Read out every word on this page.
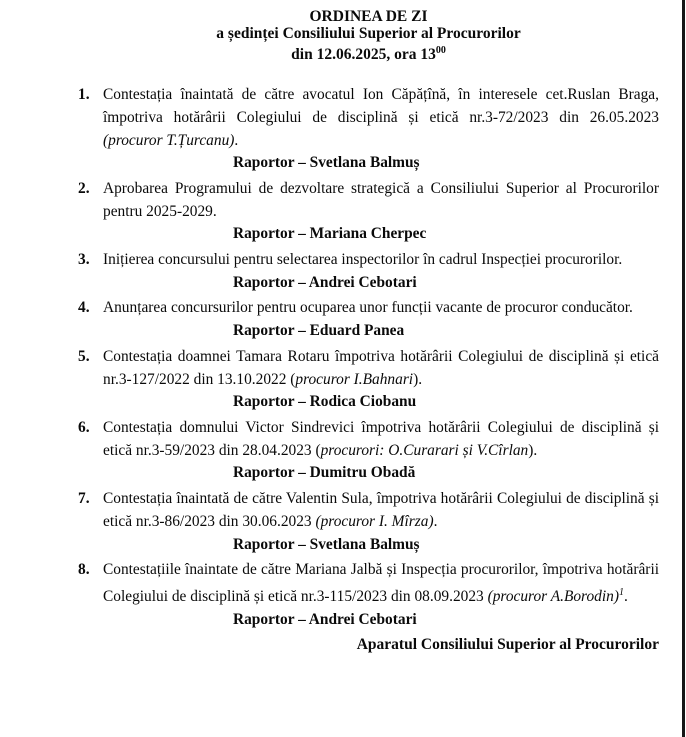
ORDINEA DE ZI
a ședinței Consiliului Superior al Procurorilor
din 12.06.2025, ora $13^{00}$
1. Contestația înaintată de către avocatul Ion Căpățînă, în interesele cet.Ruslan Braga, împotriva hotărârii Colegiului de disciplină și etică nr.3-72/2023 din 26.05.2023 (procuror T.Țurcanu).
Raportor – Svetlana Balmuș
2. Aprobarea Programului de dezvoltare strategică a Consiliului Superior al Procurorilor pentru 2025-2029.
Raportor – Mariana Cherpec
3. Inițierea concursului pentru selectarea inspectorilor în cadrul Inspecției procurorilor.
Raportor – Andrei Cebotari
4. Anunțarea concursurilor pentru ocuparea unor funcții vacante de procuror conducător.
Raportor – Eduard Panea
5. Contestația doamnei Tamara Rotaru împotriva hotărârii Colegiului de disciplină și etică nr.3-127/2022 din 13.10.2022 (procuror I.Bahnari).
Raportor – Rodica Ciobanu
6. Contestația domnului Victor Sindrevici împotriva hotărârii Colegiului de disciplină și etică nr.3-59/2023 din 28.04.2023 (procurori: O.Curarari și V.Cîrlan).
Raportor – Dumitru Obadă
7. Contestația înaintată de către Valentin Sula, împotriva hotărârii Colegiului de disciplină și etică nr.3-86/2023 din 30.06.2023 (procuror I. Mîrza).
Raportor – Svetlana Balmuș
8. Contestațiile înaintate de către Mariana Jalbă și Inspecția procurorilor, împotriva hotărârii Colegiului de disciplină și etică nr.3-115/2023 din 08.09.2023 (procuror A.Borodin)$^1$.
Raportor – Andrei Cebotari
Aparatul Consiliului Superior al Procurorilor
